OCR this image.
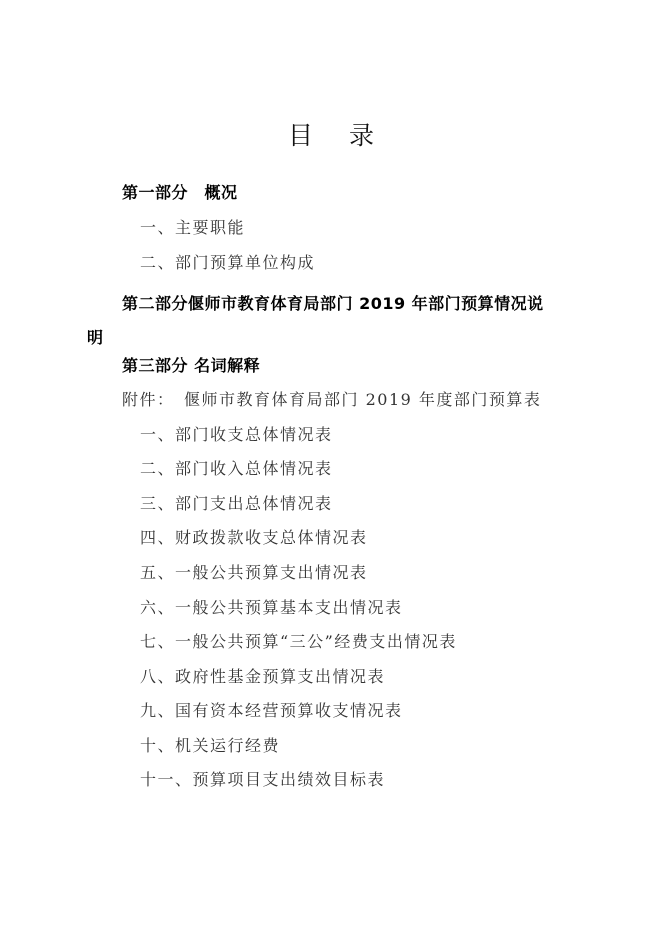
目 录
第一部分　概况
一、主要职能
二、部门预算单位构成
第二部分偃师市教育体育局部门 2019 年部门预算情况说明
第三部分 名词解释
附件：　偃师市教育体育局部门 2019 年度部门预算表
一、部门收支总体情况表
二、部门收入总体情况表
三、部门支出总体情况表
四、财政拨款收支总体情况表
五、一般公共预算支出情况表
六、一般公共预算基本支出情况表
七、一般公共预算“三公”经费支出情况表
八、政府性基金预算支出情况表
九、国有资本经营预算收支情况表
十、机关运行经费
十一、预算项目支出绩效目标表
